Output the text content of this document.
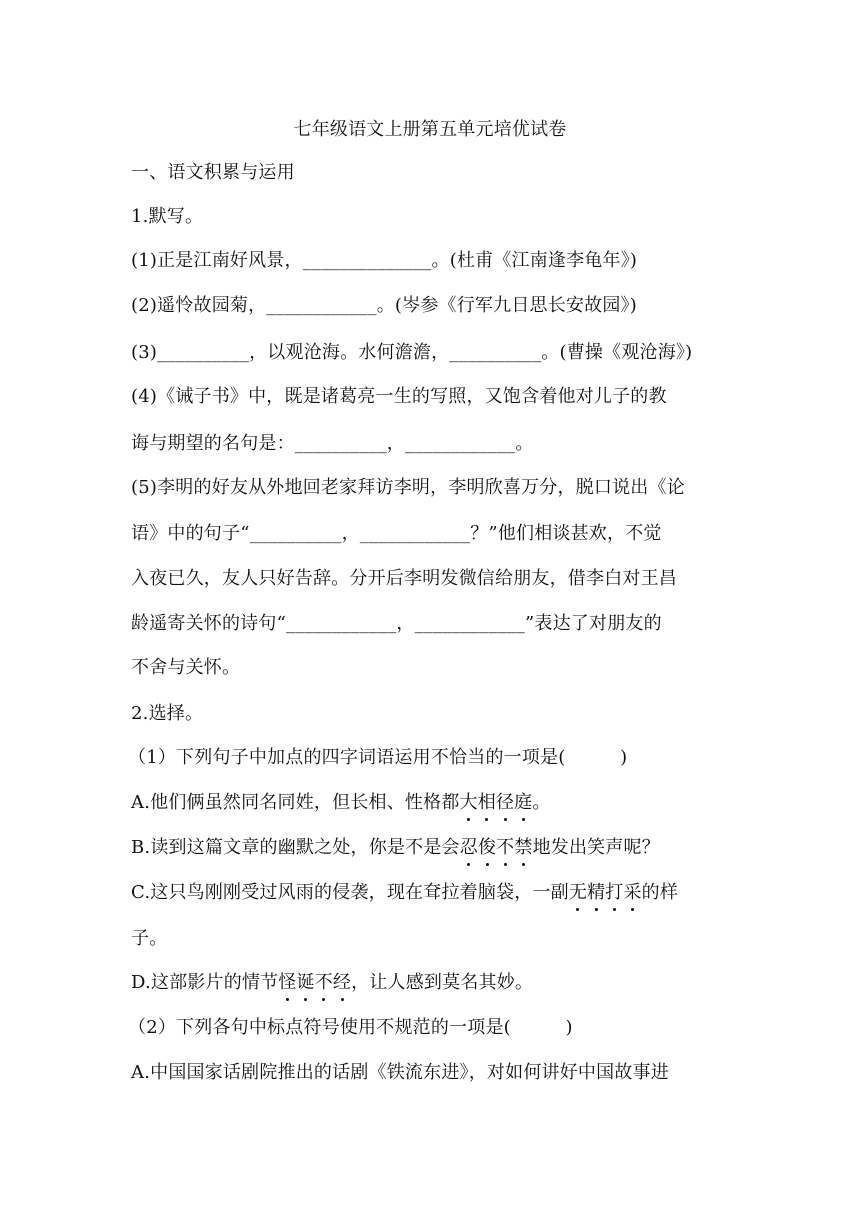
七年级语文上册第五单元培优试卷
一、语文积累与运用
1.默写。
(1)正是江南好风景，______________。(杜甫《江南逢李龟年》)
(2)遥怜故园菊，____________。(岑参《行军九日思长安故园》)
(3)__________，以观沧海。水何澹澹，__________。(曹操《观沧海》)
(4)《诫子书》中，既是诸葛亮一生的写照，又饱含着他对儿子的教
诲与期望的名句是：__________，____________。
(5)李明的好友从外地回老家拜访李明，李明欣喜万分，脱口说出《论
语》中的句子“__________，____________？”他们相谈甚欢，不觉
入夜已久，友人只好告辞。分开后李明发微信给朋友，借李白对王昌
龄遥寄关怀的诗句“____________，____________”表达了对朋友的
不舍与关怀。
2.选择。
（1）下列句子中加点的四字词语运用不恰当的一项是(　　　)
A.他们俩虽然同名同姓，但长相、性格都大相径庭。
B.读到这篇文章的幽默之处，你是不是会忍俊不禁地发出笑声呢？
C.这只鸟刚刚受过风雨的侵袭，现在耷拉着脑袋，一副无精打采的样
子。
D.这部影片的情节怪诞不经，让人感到莫名其妙。
（2）下列各句中标点符号使用不规范的一项是(　　　)
A.中国国家话剧院推出的话剧《铁流东进》，对如何讲好中国故事进
